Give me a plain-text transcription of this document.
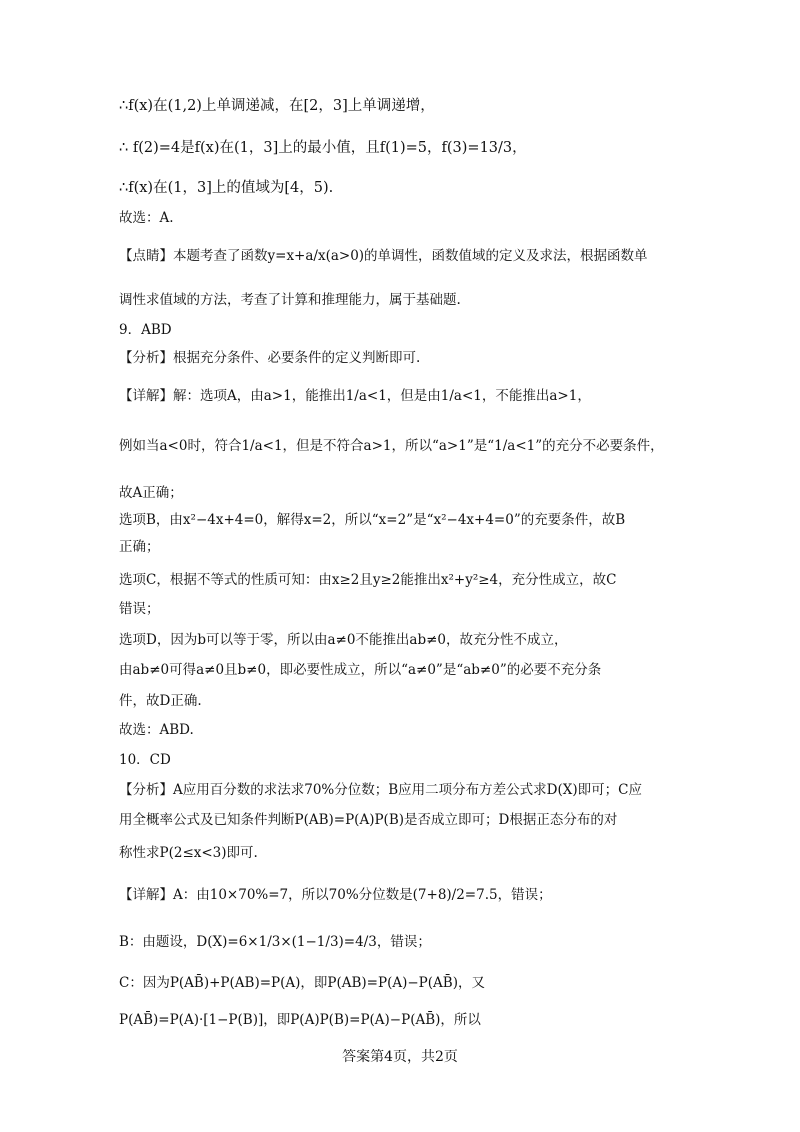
∴f(x)在(1,2)上单调递减，在[2，3]上单调递增，
∴ f(2)=4是f(x)在(1，3]上的最小值，且f(1)=5，f(3)=13/3，
∴f(x)在(1，3]上的值域为[4，5).
故选：A.
【点睛】本题考查了函数y=x+a/x(a>0)的单调性，函数值域的定义及求法，根据函数单
调性求值域的方法，考查了计算和推理能力，属于基础题.
9．ABD
【分析】根据充分条件、必要条件的定义判断即可.
【详解】解：选项A，由a>1，能推出1/a<1，但是由1/a<1，不能推出a>1，
例如当a<0时，符合1/a<1，但是不符合a>1，所以“a>1”是“1/a<1”的充分不必要条件，
故A正确；
选项B，由x²−4x+4=0，解得x=2，所以“x=2”是“x²−4x+4=0”的充要条件，故B
正确；
选项C，根据不等式的性质可知：由x≥2且y≥2能推出x²+y²≥4，充分性成立，故C
错误；
选项D，因为b可以等于零，所以由a≠0不能推出ab≠0，故充分性不成立，
由ab≠0可得a≠0且b≠0，即必要性成立，所以“a≠0”是“ab≠0”的必要不充分条
件，故D正确.
故选：ABD.
10．CD
【分析】A应用百分数的求法求70%分位数；B应用二项分布方差公式求D(X)即可；C应
用全概率公式及已知条件判断P(AB)=P(A)P(B)是否成立即可；D根据正态分布的对
称性求P(2≤x<3)即可.
【详解】A：由10×70%=7，所以70%分位数是(7+8)/2=7.5，错误；
B：由题设，D(X)=6×1/3×(1−1/3)=4/3，错误；
C：因为P(AB̄)+P(AB)=P(A)，即P(AB)=P(A)−P(AB̄)，又
P(AB̄)=P(A)·[1−P(B)]，即P(A)P(B)=P(A)−P(AB̄)，所以
答案第4页，共2页
